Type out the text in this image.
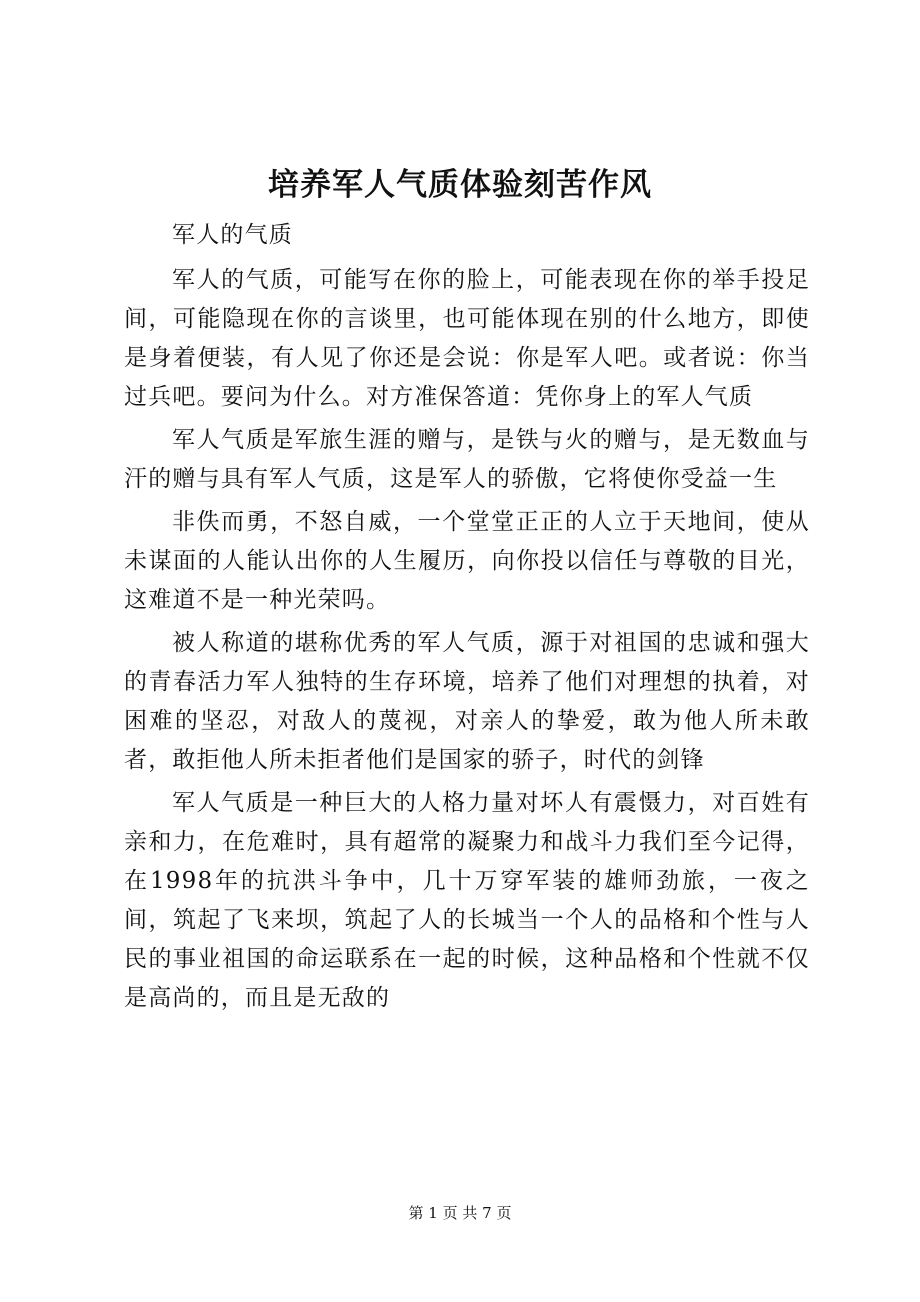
培养军人气质体验刻苦作风

军人的气质

军人的气质，可能写在你的脸上，可能表现在你的举手投足间，可能隐现在你的言谈里，也可能体现在别的什么地方，即使是身着便装，有人见了你还是会说：你是军人吧。或者说：你当过兵吧。要问为什么。对方准保答道：凭你身上的军人气质

军人气质是军旅生涯的赠与，是铁与火的赠与，是无数血与汗的赠与具有军人气质，这是军人的骄傲，它将使你受益一生

非佚而勇，不怒自威，一个堂堂正正的人立于天地间，使从未谋面的人能认出你的人生履历，向你投以信任与尊敬的目光，这难道不是一种光荣吗。

被人称道的堪称优秀的军人气质，源于对祖国的忠诚和强大的青春活力军人独特的生存环境，培养了他们对理想的执着，对困难的坚忍，对敌人的蔑视，对亲人的挚爱，敢为他人所未敢者，敢拒他人所未拒者他们是国家的骄子，时代的剑锋

军人气质是一种巨大的人格力量对坏人有震慑力，对百姓有亲和力，在危难时，具有超常的凝聚力和战斗力我们至今记得，在1998年的抗洪斗争中，几十万穿军装的雄师劲旅，一夜之间，筑起了飞来坝，筑起了人的长城当一个人的品格和个性与人民的事业祖国的命运联系在一起的时候，这种品格和个性就不仅是高尚的，而且是无敌的

第 1 页 共 7 页
